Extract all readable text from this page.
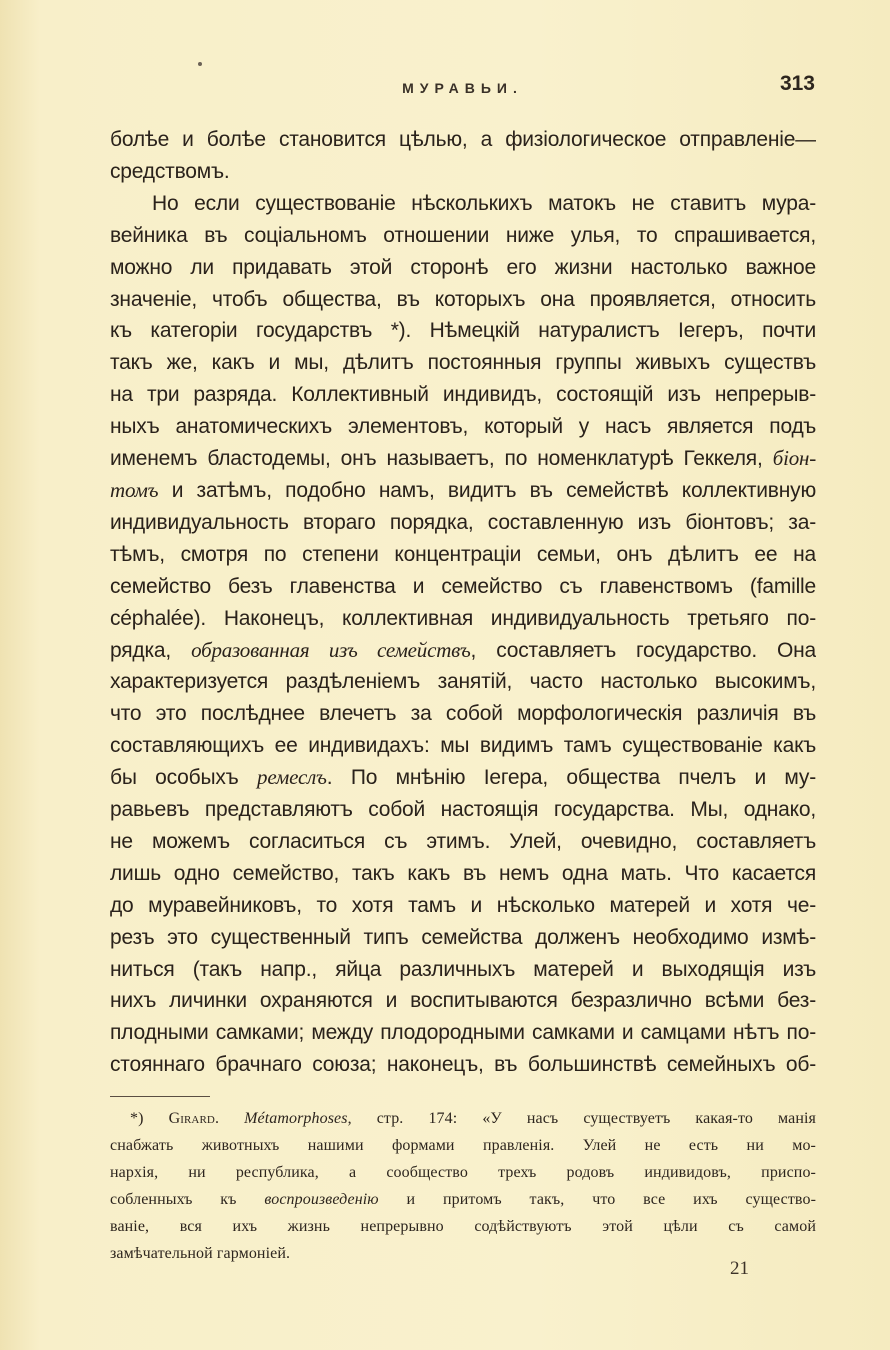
МУРАВЬИ.	313
болѣе и болѣе становится цѣлью, а физіологическое отправленіе—
средствомъ.
Но если существованіе нѣсколькихъ матокъ не ставитъ мура-
вейника въ соціальномъ отношении ниже улья, то спрашивается,
можно ли придавать этой сторонѣ его жизни настолько важное
значеніе, чтобъ общества, въ которыхъ она проявляется, относить
къ категоріи государствъ *). Нѣмецкій натуралистъ Іегеръ, почти
такъ же, какъ и мы, дѣлитъ постоянныя группы живыхъ существъ
на три разряда. Коллективный индивидъ, состоящій изъ непрерыв-
ныхъ анатомическихъ элементовъ, который у насъ является подъ
именемъ бластодемы, онъ называетъ, по номенклатурѣ Геккеля, біон-
томъ и затѣмъ, подобно намъ, видитъ въ семействѣ коллективную
индивидуальность втораго порядка, составленную изъ біонтовъ; за-
тѣмъ, смотря по степени концентраціи семьи, онъ дѣлитъ ее на
семейство безъ главенства и семейство съ главенствомъ (famille
céphalée). Наконецъ, коллективная индивидуальность третьяго по-
рядка, образованная изъ семействъ, составляетъ государство. Она
характеризуется раздѣленіемъ занятій, часто настолько высокимъ,
что это послѣднее влечетъ за собой морфологическія различія въ
составляющихъ ее индивидахъ: мы видимъ тамъ существованіе какъ
бы особыхъ ремеслъ. По мнѣнію Іегера, общества пчелъ и му-
равьевъ представляютъ собой настоящія государства. Мы, однако,
не можемъ согласиться съ этимъ. Улей, очевидно, составляетъ
лишь одно семейство, такъ какъ въ немъ одна мать. Что касается
до муравейниковъ, то хотя тамъ и нѣсколько матерей и хотя че-
резъ это существенный типъ семейства долженъ необходимо измѣ-
ниться (такъ напр., яйца различныхъ матерей и выходящія изъ
нихъ личинки охраняются и воспитываются безразлично всѣми без-
плодными самками; между плодородными самками и самцами нѣтъ по-
стояннаго брачнаго союза; наконецъ, въ большинствѣ семейныхъ об-
*) Girard. Métamorphoses, стр. 174: «У насъ существуетъ какая-то манія
снабжать животныхъ нашими формами правленія. Улей не есть ни мо-
нархія, ни республика, а сообщество трехъ родовъ индивидовъ, приспо-
собленныхъ къ воспроизведенію и притомъ такъ, что все ихъ существо-
ваніе, вся ихъ жизнь непрерывно содѣйствуютъ этой цѣли съ самой
замѣчательной гармоніей.
21
